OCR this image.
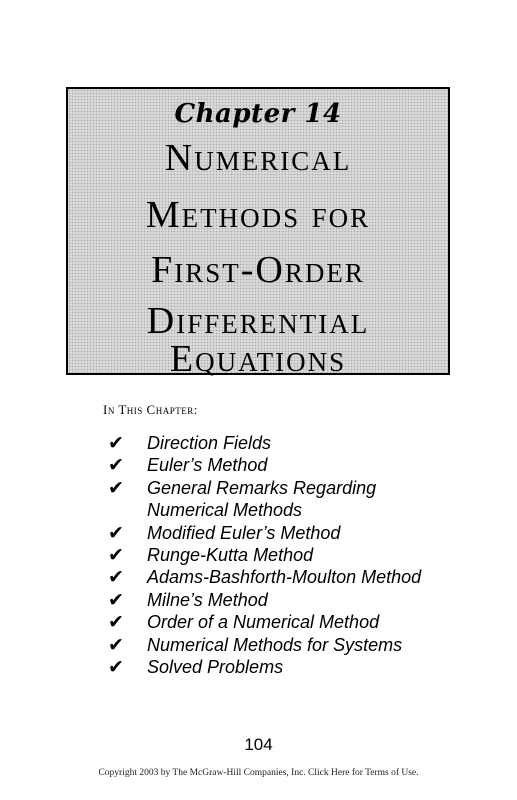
Chapter 14
Numerical
Methods for
First-Order
Differential
Equations
In This Chapter:
✔ Direction Fields
✔ Euler’s Method
✔ General Remarks Regarding
Numerical Methods
✔ Modified Euler’s Method
✔ Runge-Kutta Method
✔ Adams-Bashforth-Moulton Method
✔ Milne’s Method
✔ Order of a Numerical Method
✔ Numerical Methods for Systems
✔ Solved Problems
104
Copyright 2003 by The McGraw-Hill Companies, Inc. Click Here for Terms of Use.
